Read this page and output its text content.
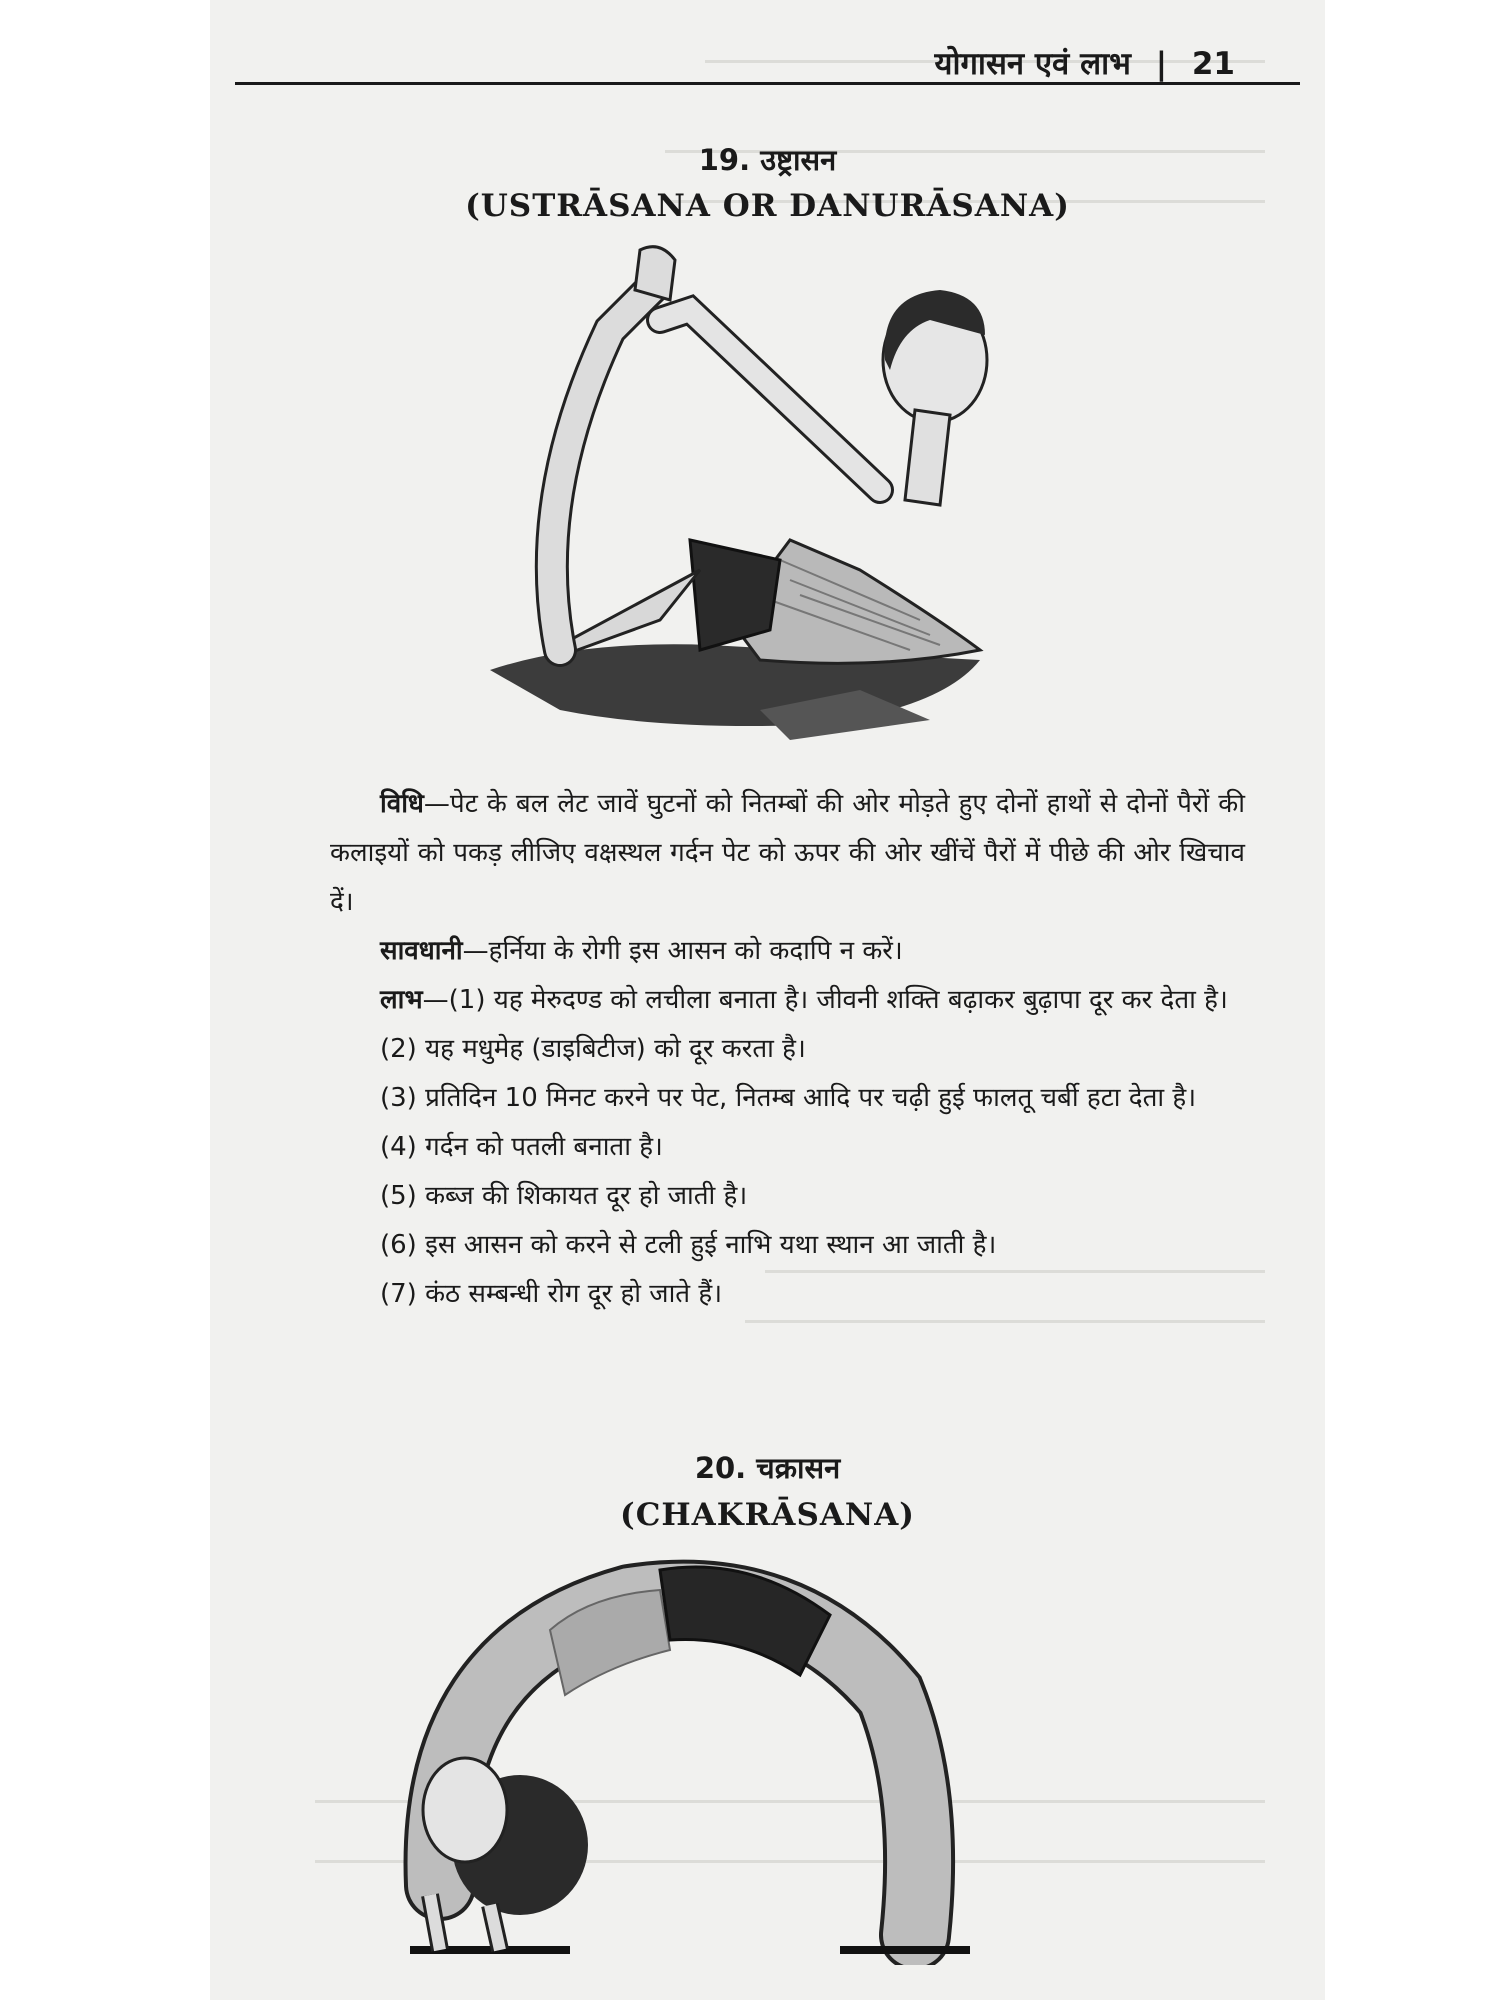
योगासन एवं लाभ | 21
19. उष्ट्रासन
(USTRĀSANA OR DANURĀSANA)

विधि—पेट के बल लेट जावें घुटनों को नितम्बों की ओर मोड़ते हुए दोनों हाथों से दोनों पैरों की कलाइयों को पकड़ लीजिए वक्षस्थल गर्दन पेट को ऊपर की ओर खींचें पैरों में पीछे की ओर खिचाव दें।

सावधानी—हर्निया के रोगी इस आसन को कदापि न करें।

लाभ—(1) यह मेरुदण्ड को लचीला बनाता है। जीवनी शक्ति बढ़ाकर बुढ़ापा दूर कर देता है।

(2) यह मधुमेह (डाइबिटीज) को दूर करता है।

(3) प्रतिदिन 10 मिनट करने पर पेट, नितम्ब आदि पर चढ़ी हुई फालतू चर्बी हटा देता है।

(4) गर्दन को पतली बनाता है।

(5) कब्ज की शिकायत दूर हो जाती है।

(6) इस आसन को करने से टली हुई नाभि यथा स्थान आ जाती है।

(7) कंठ सम्बन्धी रोग दूर हो जाते हैं।

20. चक्रासन
(CHAKRĀSANA)
